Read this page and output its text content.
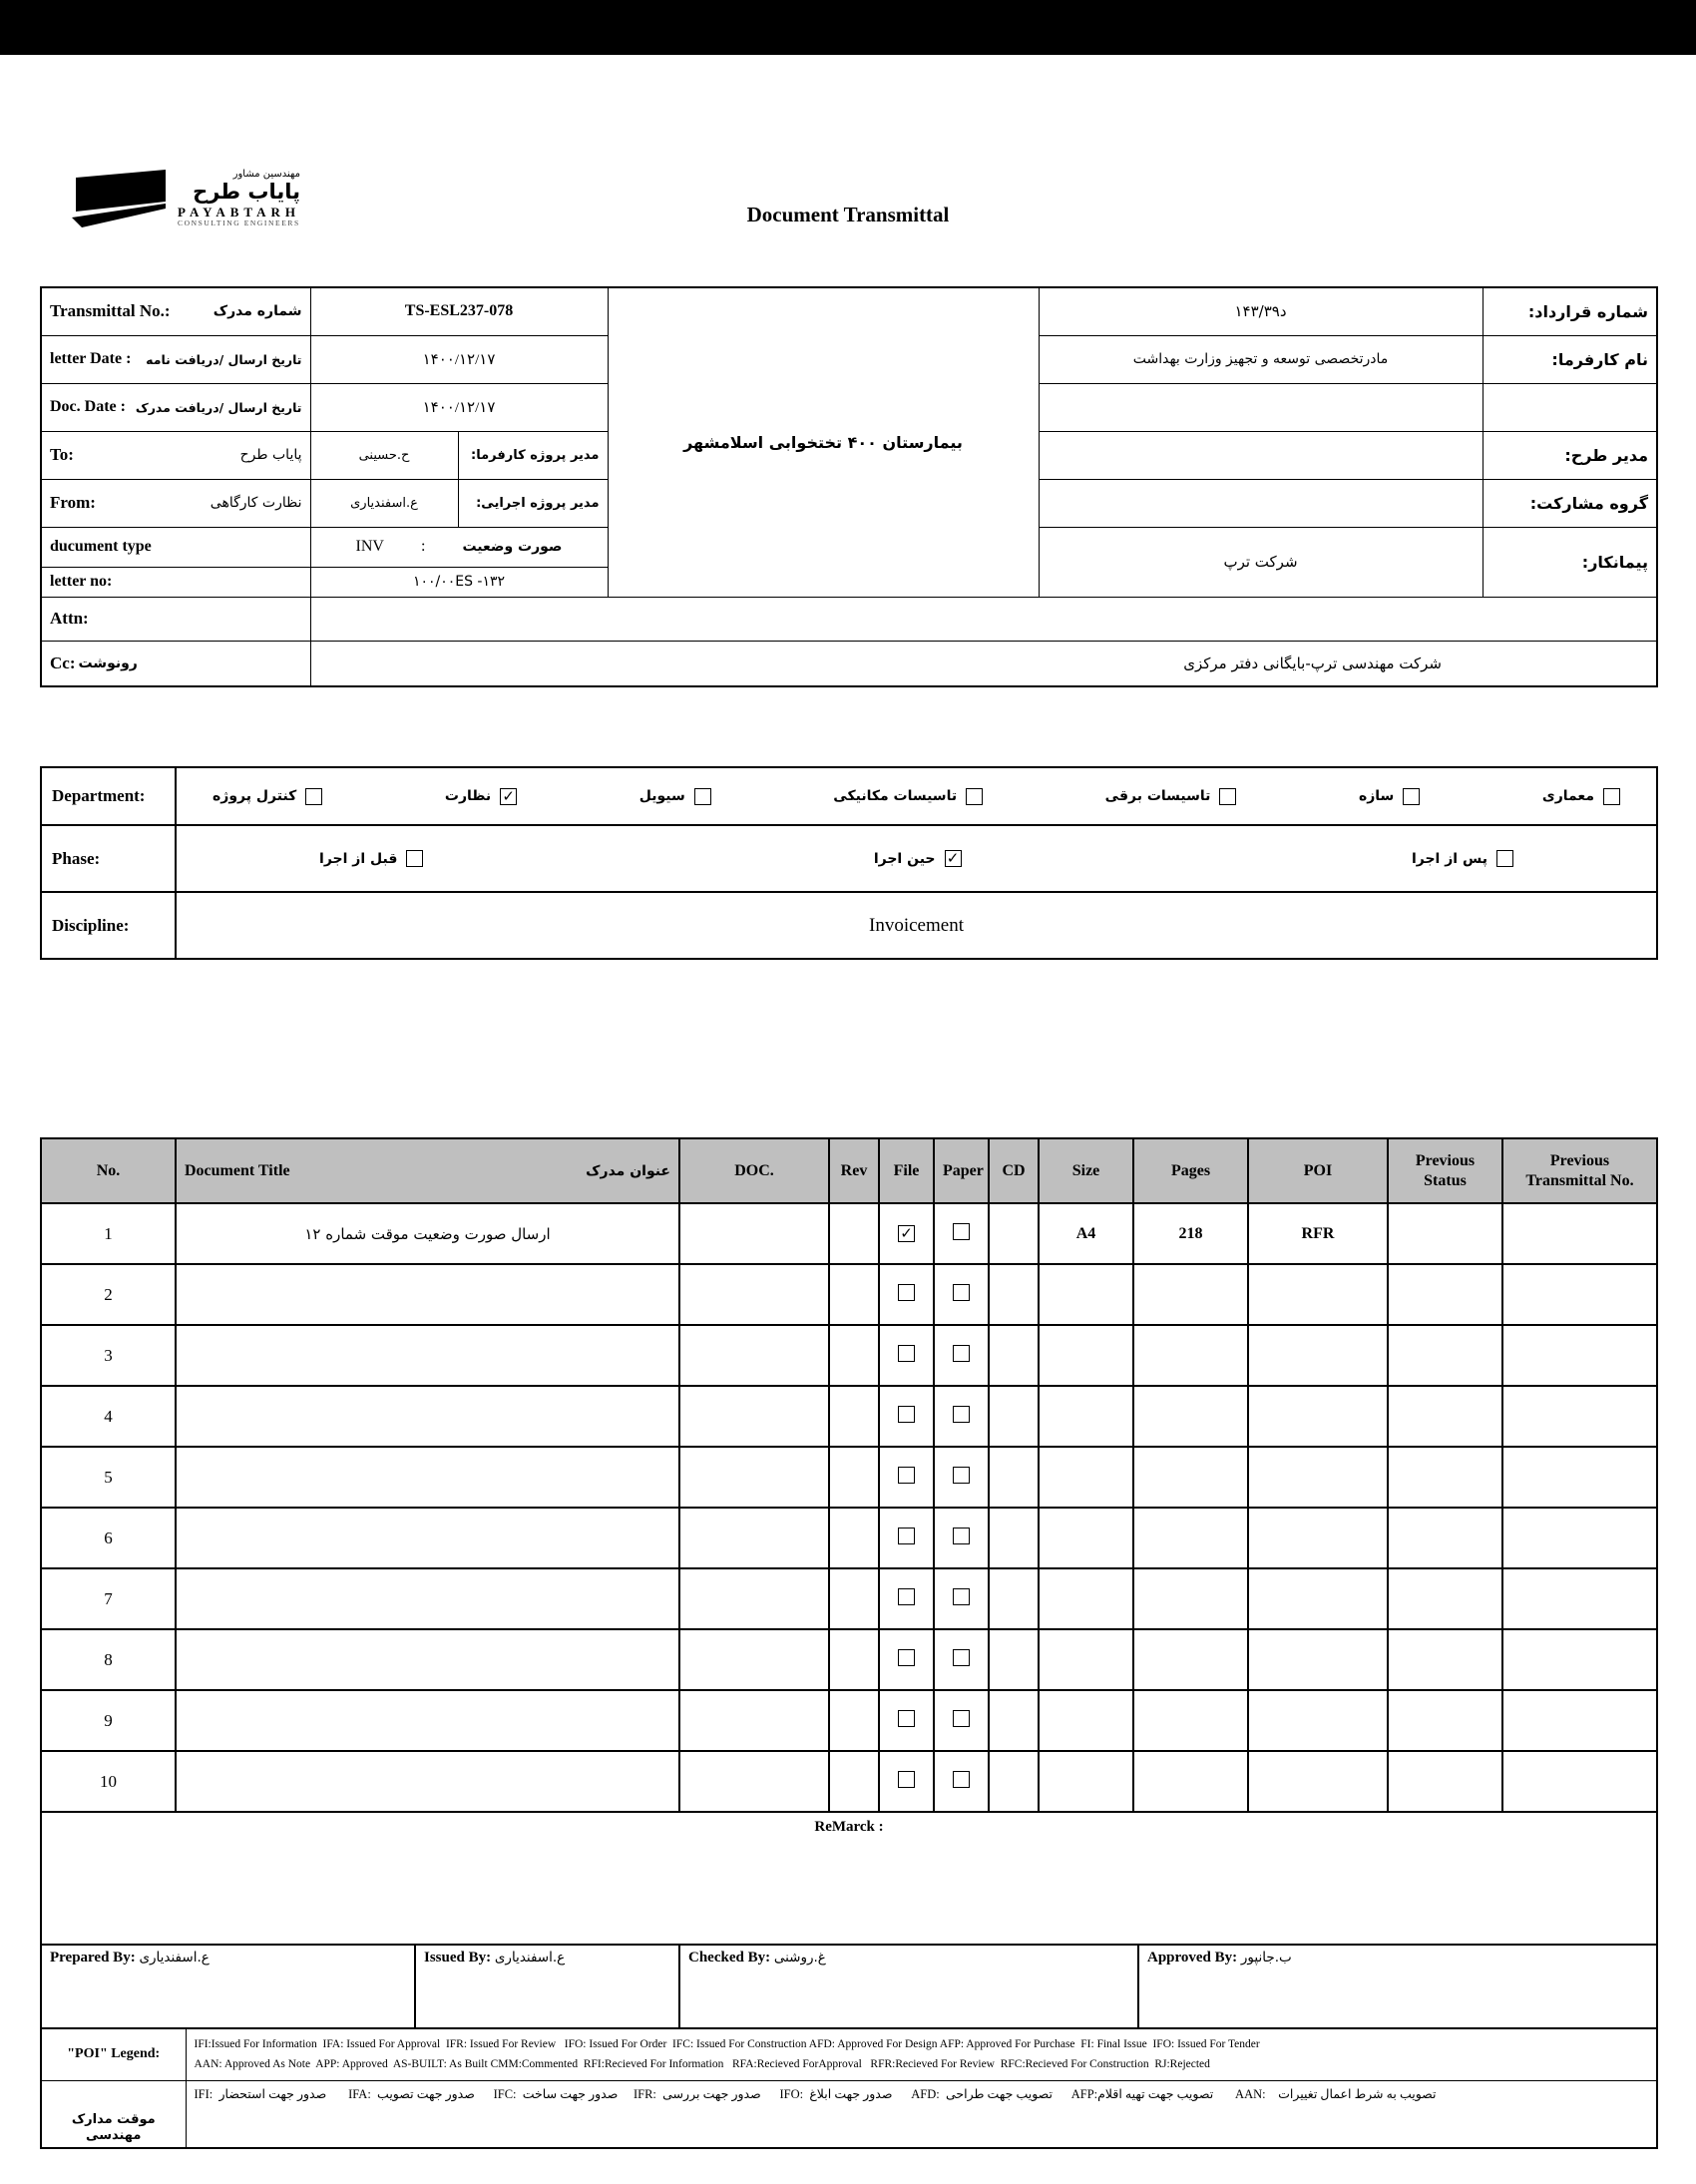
مهندسین مشاور
پایاب طرح
PAYABTARH
CONSULTING ENGINEERS	Document Transmittal
Transmittal No.: شماره مدرک	TS-ESL237-078		بیمارستان ۴۰۰ تختخوابی اسلامشهر	۱۴۳/۳۹د	شماره قرارداد:

letter Date : تاریخ ارسال /دریافت نامه	۱۴۰۰/۱۲/۱۷			مادرتخصصی توسعه و تجهیز وزارت بهداشت	نام کارفرما:

Doc. Date : تاریخ ارسال /دریافت مدرک	۱۴۰۰/۱۲/۱۷				

To: پایاب طرح	ح.حسینی	مدیر پروژه کارفرما:			مدیر طرح:

From: نظارت کارگاهی	ع.اسفندیاری	مدیر پروژه اجرایی:			گروه مشارکت:
ducument type	INV : صورت وضعیت			شرکت ترپ	پیمانکار:
letter no:	۱۰۰/۰۰ES -۱۳۲				
Attn:					

Cc: رونوشت	شرکت مهندسی ترپ-بایگانی دفتر مرکزی				
Department:	معماری
سازه
تاسیسات برقی
تاسیسات مکانیکی
سیویل
✓
نظارت
کنترل پروژه

Phase:	پس از اجرا
✓
حین اجرا
قبل از اجرا

Discipline:	Invoicement
No.	Document Title عنوان مدرک	DOC.	Rev	File	Paper	CD	Size	Pages	POI	Previous Status	Previous Transmittal No.
1	ارسال صورت وضعیت موقت شماره ۱۲			✓			A4	218	RFR		
2											
3											
4											
5											
6											
7											
8											
9											
10											
ReMarck :											
Prepared By: ع.اسفندیاری	Issued By: ع.اسفندیاری	Checked By: غ.روشنی	Approved By: ب.جانپور
"POI" Legend:	IFI:Issued For Information  IFA: Issued For Approval  IFR: Issued For Review   IFO: Issued For Order  IFC: Issued For Construction AFD: Approved For Design AFP: Approved For Purchase  FI: Final Issue  IFO: Issued For Tender
AAN: Approved As Note  APP: Approved  AS-BUILT: As Built CMM:Commented  RFI:Recieved For Information   RFA:Recieved ForApproval   RFR:Recieved For Review  RFC:Recieved For Construction  RJ:Rejected

موقت مدارک مهندسی	IFI:  صدور جهت استحضار       IFA:  صدور جهت تصویب      IFC:  صدور جهت ساخت     IFR:  صدور جهت بررسی      IFO:  صدور جهت ابلاغ      AFD:  تصویب جهت طراحی      AFP:تصویب جهت تهیه اقلام       AAN:    تصویب به شرط اعمال تغییرات
